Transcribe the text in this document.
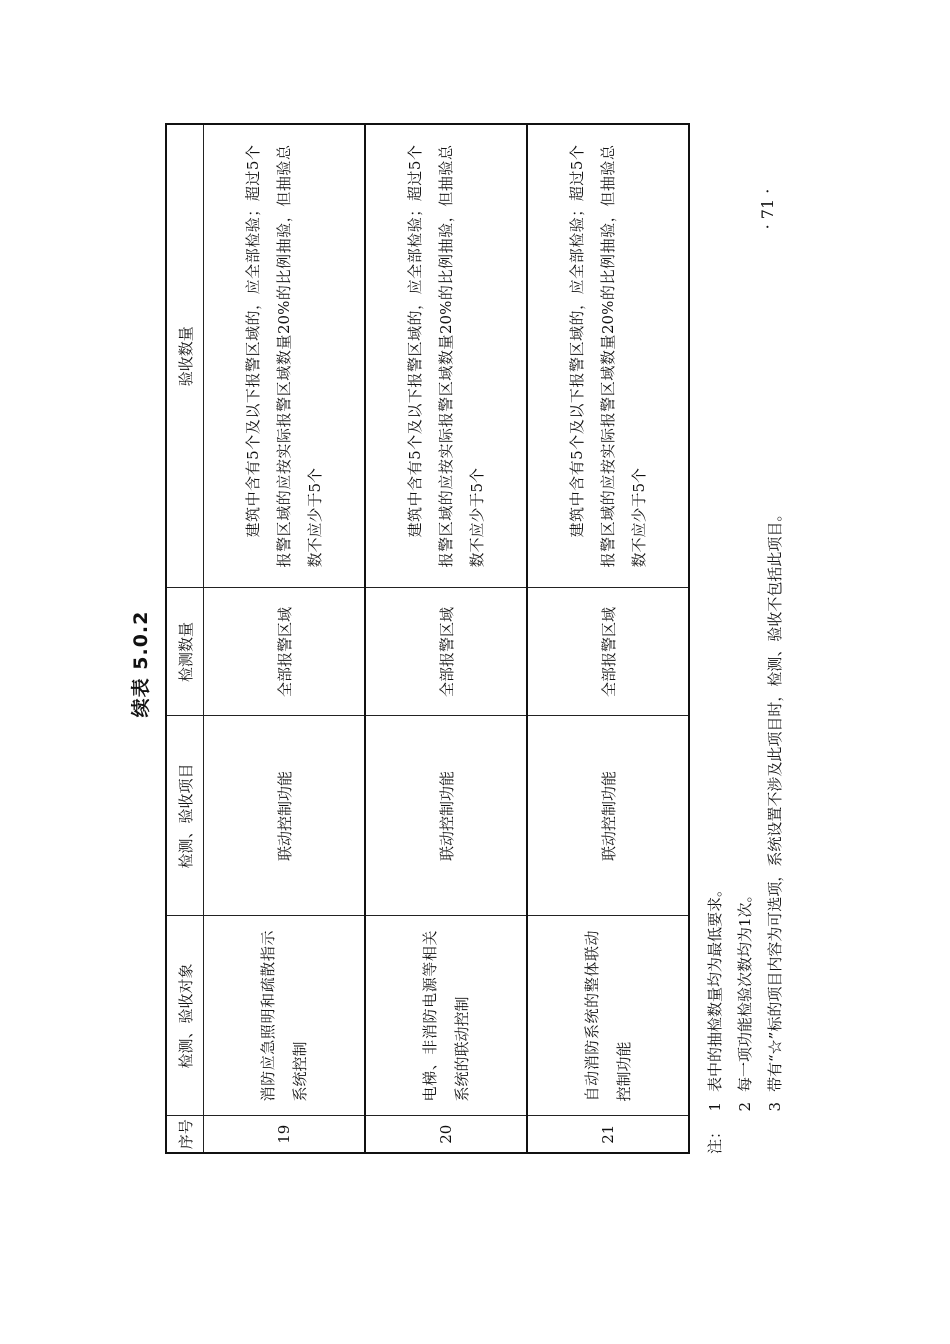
续表 5.0.2
序号	检测、验收对象	检测、验收项目	检测数量	验收数量
19	消防应急照明和疏散指示系统控制	联动控制功能	全部报警区域	建筑中含有5个及以下报警区域的，应全部检验；超过5个报警区域的应按实际报警区域数量20%的比例抽验，但抽验总数不应少于5个

20	电梯、非消防电源等相关系统的联动控制	联动控制功能	全部报警区域	建筑中含有5个及以下报警区域的，应全部检验；超过5个报警区域的应按实际报警区域数量20%的比例抽验，但抽验总数不应少于5个

21	自动消防系统的整体联动控制功能	联动控制功能	全部报警区域	建筑中含有5个及以下报警区域的，应全部检验；超过5个报警区域的应按实际报警区域数量20%的比例抽验，但抽验总数不应少于5个
注：
1
表中的抽检数量均为最低要求。
2
每一项功能检验次数均为1次。
3
带有“☆”标的项目内容为可选项，系统设置不涉及此项目时，检测、验收不包括此项目。
· 71 ·
